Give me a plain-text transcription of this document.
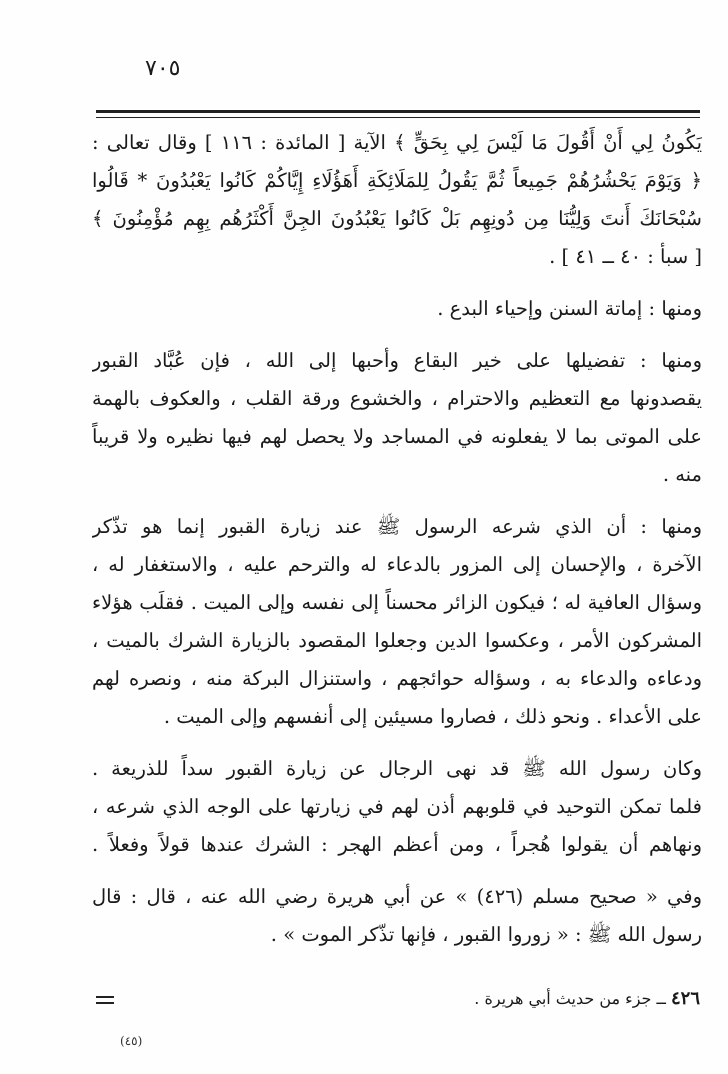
٧٠٥
يَكُونُ لِي أَنْ أَقُولَ مَا لَيْسَ لِي بِحَقٍّ ﴾ الآية [ المائدة : ١١٦ ] وقال تعالى :
﴿ وَيَوْمَ يَحْشُرُهُمْ جَمِيعاً ثُمَّ يَقُولُ لِلمَلَائِكَةِ أَهَؤُلَاءِ إِيَّاكُمْ كَانُوا يَعْبُدُونَ * قَالُوا
سُبْحَانَكَ أَنتَ وَلِيُّنَا مِن دُونِهِم بَلْ كَانُوا يَعْبُدُونَ الجِنَّ أَكْثَرُهُم بِهِم مُؤْمِنُونَ ﴾
[ سبأ : ٤٠ ــ ٤١ ] .
ومنها : إماتة السنن وإحياء البدع .
ومنها : تفضيلها على خير البقاع وأحبها إلى الله ، فإن عُبَّاد القبور
يقصدونها مع التعظيم والاحترام ، والخشوع ورقة القلب ، والعكوف بالهمة
على الموتى بما لا يفعلونه في المساجد ولا يحصل لهم فيها نظيره ولا قريباً
منه .
ومنها : أن الذي شرعه الرسول ﷺ عند زيارة القبور إنما هو تذّكر
الآخرة ، والإحسان إلى المزور بالدعاء له والترحم عليه ، والاستغفار له ،
وسؤال العافية له ؛ فيكون الزائر محسناً إلى نفسه وإلى الميت . فقلَب هؤلاء
المشركون الأمر ، وعكسوا الدين وجعلوا المقصود بالزيارة الشرك بالميت ،
ودعاءه والدعاء به ، وسؤاله حوائجهم ، واستنزال البركة منه ، ونصره لهم
على الأعداء . ونحو ذلك ، فصاروا مسيئين إلى أنفسهم وإلى الميت .
وكان رسول الله ﷺ قد نهى الرجال عن زيارة القبور سداً للذريعة .
فلما تمكن التوحيد في قلوبهم أذن لهم في زيارتها على الوجه الذي شرعه ،
ونهاهم أن يقولوا هُجراً ، ومن أعظم الهجر : الشرك عندها قولاً وفعلاً .
وفي « صحيح مسلم (٤٢٦) » عن أبي هريرة رضي الله عنه ، قال : قال
رسول الله ﷺ : « زوروا القبور ، فإنها تذّكر الموت » .
٤٢٦ ــ جزء من حديث أبي هريرة .
(٤٥)
